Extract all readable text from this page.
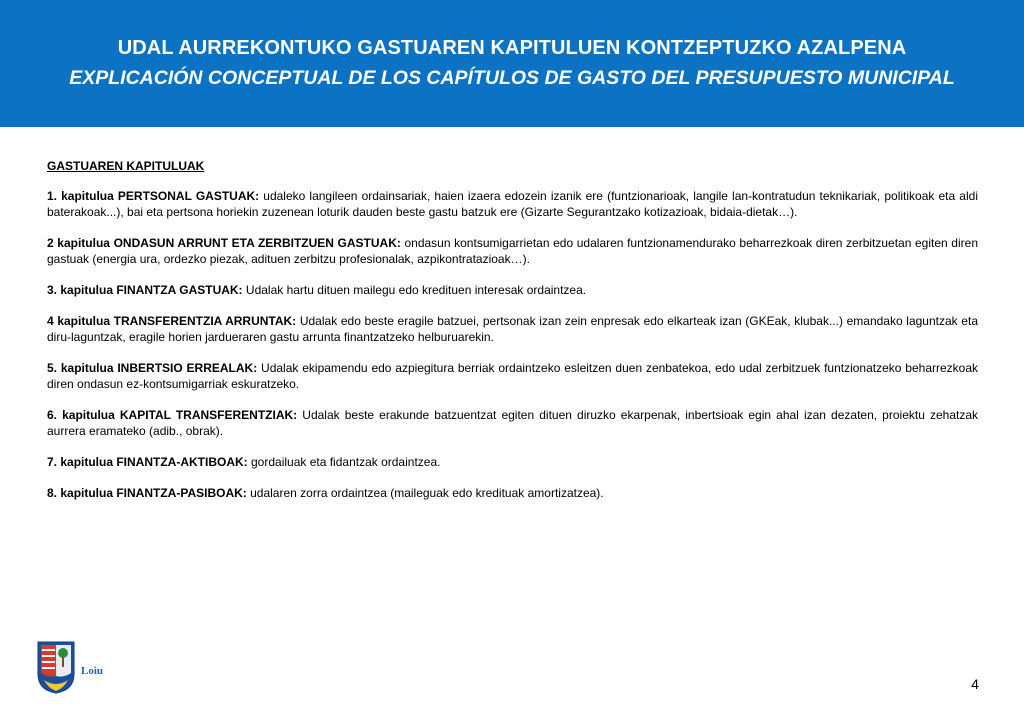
UDAL AURREKONTUKO GASTUAREN KAPITULUEN KONTZEPTUZKO AZALPENA
EXPLICACIÓN CONCEPTUAL DE LOS CAPÍTULOS DE GASTO DEL PRESUPUESTO MUNICIPAL
GASTUAREN KAPITULUAK

1. kapitulua PERTSONAL GASTUAK: udaleko langileen ordainsariak, haien izaera edozein izanik ere (funtzionarioak, langile lan-kontratudun teknikariak, politikoak eta aldi baterakoak...), bai eta pertsona horiekin zuzenean loturik dauden beste gastu batzuk ere (Gizarte Segurantzako kotizazioak, bidaia-dietak…).

2 kapitulua ONDASUN ARRUNT ETA ZERBITZUEN GASTUAK: ondasun kontsumigarrietan edo udalaren funtzionamendurako beharrezkoak diren zerbitzuetan egiten diren gastuak (energia ura, ordezko piezak, adituen zerbitzu profesionalak, azpikontratazioak…).

3. kapitulua FINANTZA GASTUAK: Udalak hartu dituen mailegu edo kredituen interesak ordaintzea.

4 kapitulua TRANSFERENTZIA ARRUNTAK: Udalak edo beste eragile batzuei, pertsonak izan zein enpresak edo elkarteak izan (GKEak, klubak...) emandako laguntzak eta diru-laguntzak, eragile horien jardueraren gastu arrunta finantzatzeko helburuarekin.

5. kapitulua INBERTSIO ERREALAK: Udalak ekipamendu edo azpiegitura berriak ordaintzeko esleitzen duen zenbatekoa, edo udal zerbitzuek funtzionatzeko beharrezkoak diren ondasun ez-kontsumigarriak eskuratzeko.

6. kapitulua KAPITAL TRANSFERENTZIAK: Udalak beste erakunde batzuentzat egiten dituen diruzko ekarpenak, inbertsioak egin ahal izan dezaten, proiektu zehatzak aurrera eramateko (adib., obrak).

7. kapitulua FINANTZA-AKTIBOAK: gordailuak eta fidantzak ordaintzea.

8. kapitulua FINANTZA-PASIBOAK: udalaren zorra ordaintzea (maileguak edo kredituak amortizatzea).

Loiu
4
